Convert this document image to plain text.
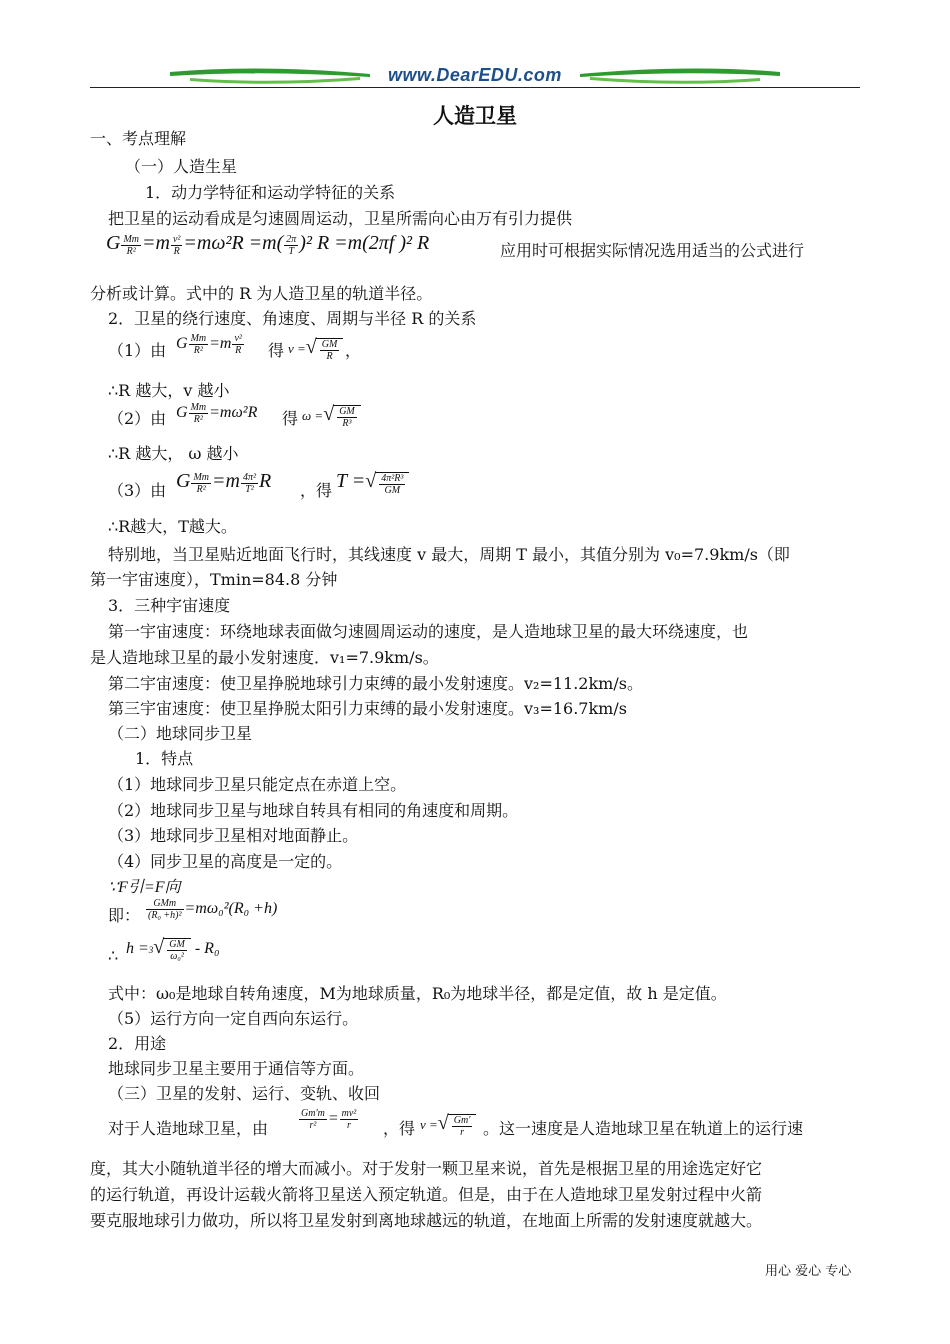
www.DearEDU.com
人造卫星
一、考点理解
（一）人造生星
1．动力学特征和运动学特征的关系
把卫星的运动看成是匀速圆周运动，卫星所需向心由万有引力提供
G $\frac{Mm}{\text{R²}} =m \frac{\text{v²}}{R} =m\omega^2R =m( \frac{2\pi}{T} )^2$ R =m(2πf )² R	应用时可根据实际情况选用适当的公式进行
分析或计算。式中的 R 为人造卫星的轨道半径。
2．卫星的绕行速度、角速度、周期与半径 R 的关系
（1）由 G $\frac{Mm}{\text{R²}} =m \frac{\text{v²}}{R}$ 得 v =√ $\frac{GM}{R}$ ，
∴R 越大，v 越小
（2）由 G $\frac{Mm}{\text{R²}} =m\omega^2R$ 得 ω =√ $\frac{GM}{\text{R³}}$
∴R 越大， ω 越小
（3）由 G $\frac{Mm}{\text{R²}} =m \frac{\text{4π²}}{\text{T²}}$ R ，得 T =√ $\frac{\text{4π²R³}}{GM}$
∴R越大，T越大。
特别地，当卫星贴近地面飞行时，其线速度 v 最大，周期 T 最小，其值分别为 v₀=7.9km/s（即
第一宇宙速度），Tmin=84.8 分钟
3．三种宇宙速度
第一宇宙速度：环绕地球表面做匀速圆周运动的速度，是人造地球卫星的最大环绕速度，也
是人造地球卫星的最小发射速度．v₁=7.9km/s。
第二宇宙速度：使卫星挣脱地球引力束缚的最小发射速度。v₂=11.2km/s。
第三宇宙速度：使卫星挣脱太阳引力束缚的最小发射速度。v₃=16.7km/s
（二）地球同步卫星
1．特点
（1）地球同步卫星只能定点在赤道上空。
（2）地球同步卫星与地球自转具有相同的角速度和周期。
（3）地球同步卫星相对地面静止。
（4）同步卫星的高度是一定的。
∵F引=F向
即： $\frac{\text{GMm}}{\text{(R₀ +h)²}} =m\omega_0^2(R_0 +h)$
∴ $h =3√ \frac{GM}{\text{ω₀²}} - R_0$
式中：ω₀是地球自转角速度，M为地球质量，R₀为地球半径，都是定值，故 h 是定值。
（5）运行方向一定自西向东运行。
2．用途
地球同步卫星主要用于通信等方面。
（三）卫星的发射、运行、变轨、收回
对于人造地球卫星，由	$\frac{Gm'm}{\text{r²}} = \frac{\text{mv²}}{r}$ ，得 v =√ $\frac{Gm'}{r}$ 。这一速度是人造地球卫星在轨道上的运行速
度，其大小随轨道半径的增大而减小。对于发射一颗卫星来说，首先是根据卫星的用途选定好它
的运行轨道，再设计运载火箭将卫星送入预定轨道。但是，由于在人造地球卫星发射过程中火箭
要克服地球引力做功，所以将卫星发射到离地球越远的轨道，在地面上所需的发射速度就越大。
用心 爱心 专心
